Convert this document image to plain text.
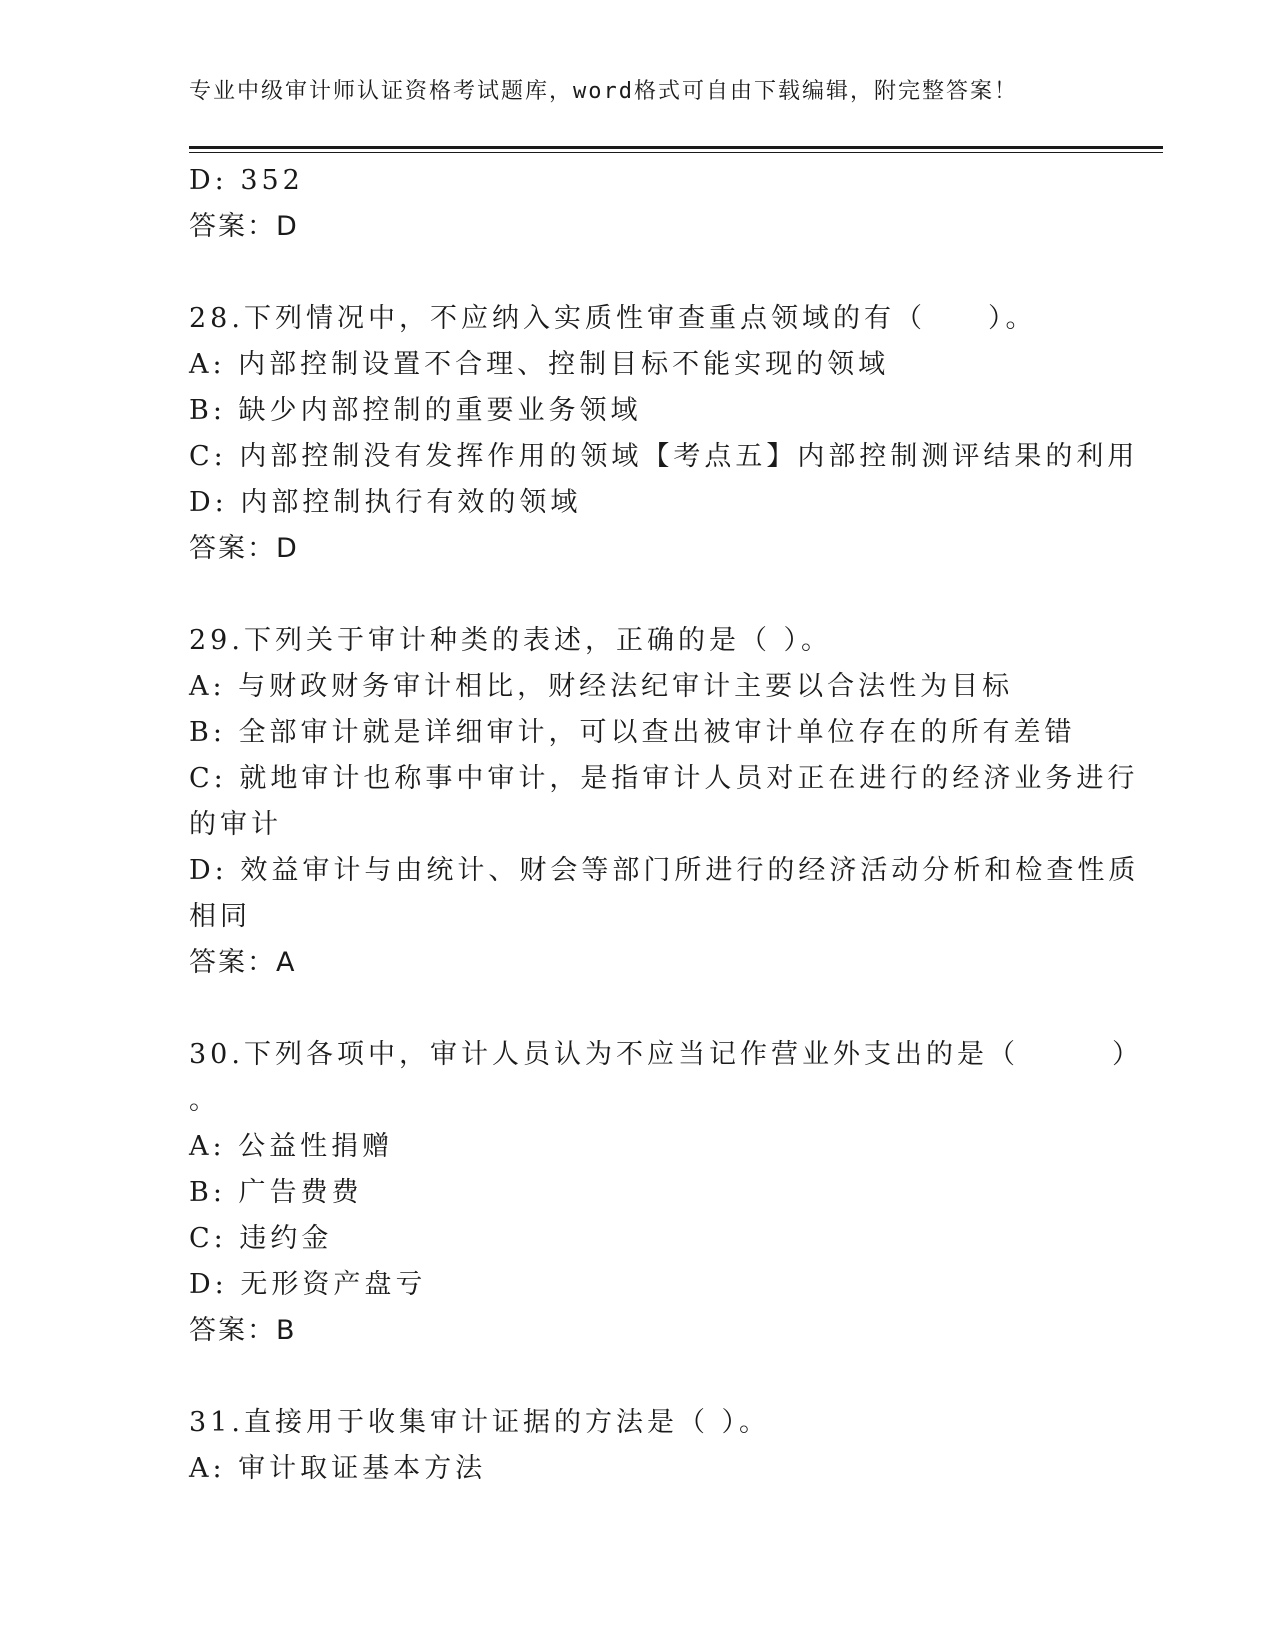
专业中级审计师认证资格考试题库，word格式可自由下载编辑，附完整答案！
D: 352
答案：D
28.下列情况中，不应纳入实质性审查重点领域的有（　　）。
A: 内部控制设置不合理、控制目标不能实现的领域
B: 缺少内部控制的重要业务领域
C: 内部控制没有发挥作用的领域【考点五】内部控制测评结果的利用
D: 内部控制执行有效的领域
答案：D
29.下列关于审计种类的表述，正确的是（ ）。
A: 与财政财务审计相比，财经法纪审计主要以合法性为目标
B: 全部审计就是详细审计，可以查出被审计单位存在的所有差错
C: 就地审计也称事中审计，是指审计人员对正在进行的经济业务进行
的审计
D: 效益审计与由统计、财会等部门所进行的经济活动分析和检查性质
相同
答案：A
30.下列各项中，审计人员认为不应当记作营业外支出的是（　　　）
。
A: 公益性捐赠
B: 广告费费
C: 违约金
D: 无形资产盘亏
答案：B
31.直接用于收集审计证据的方法是（ ）。
A: 审计取证基本方法
